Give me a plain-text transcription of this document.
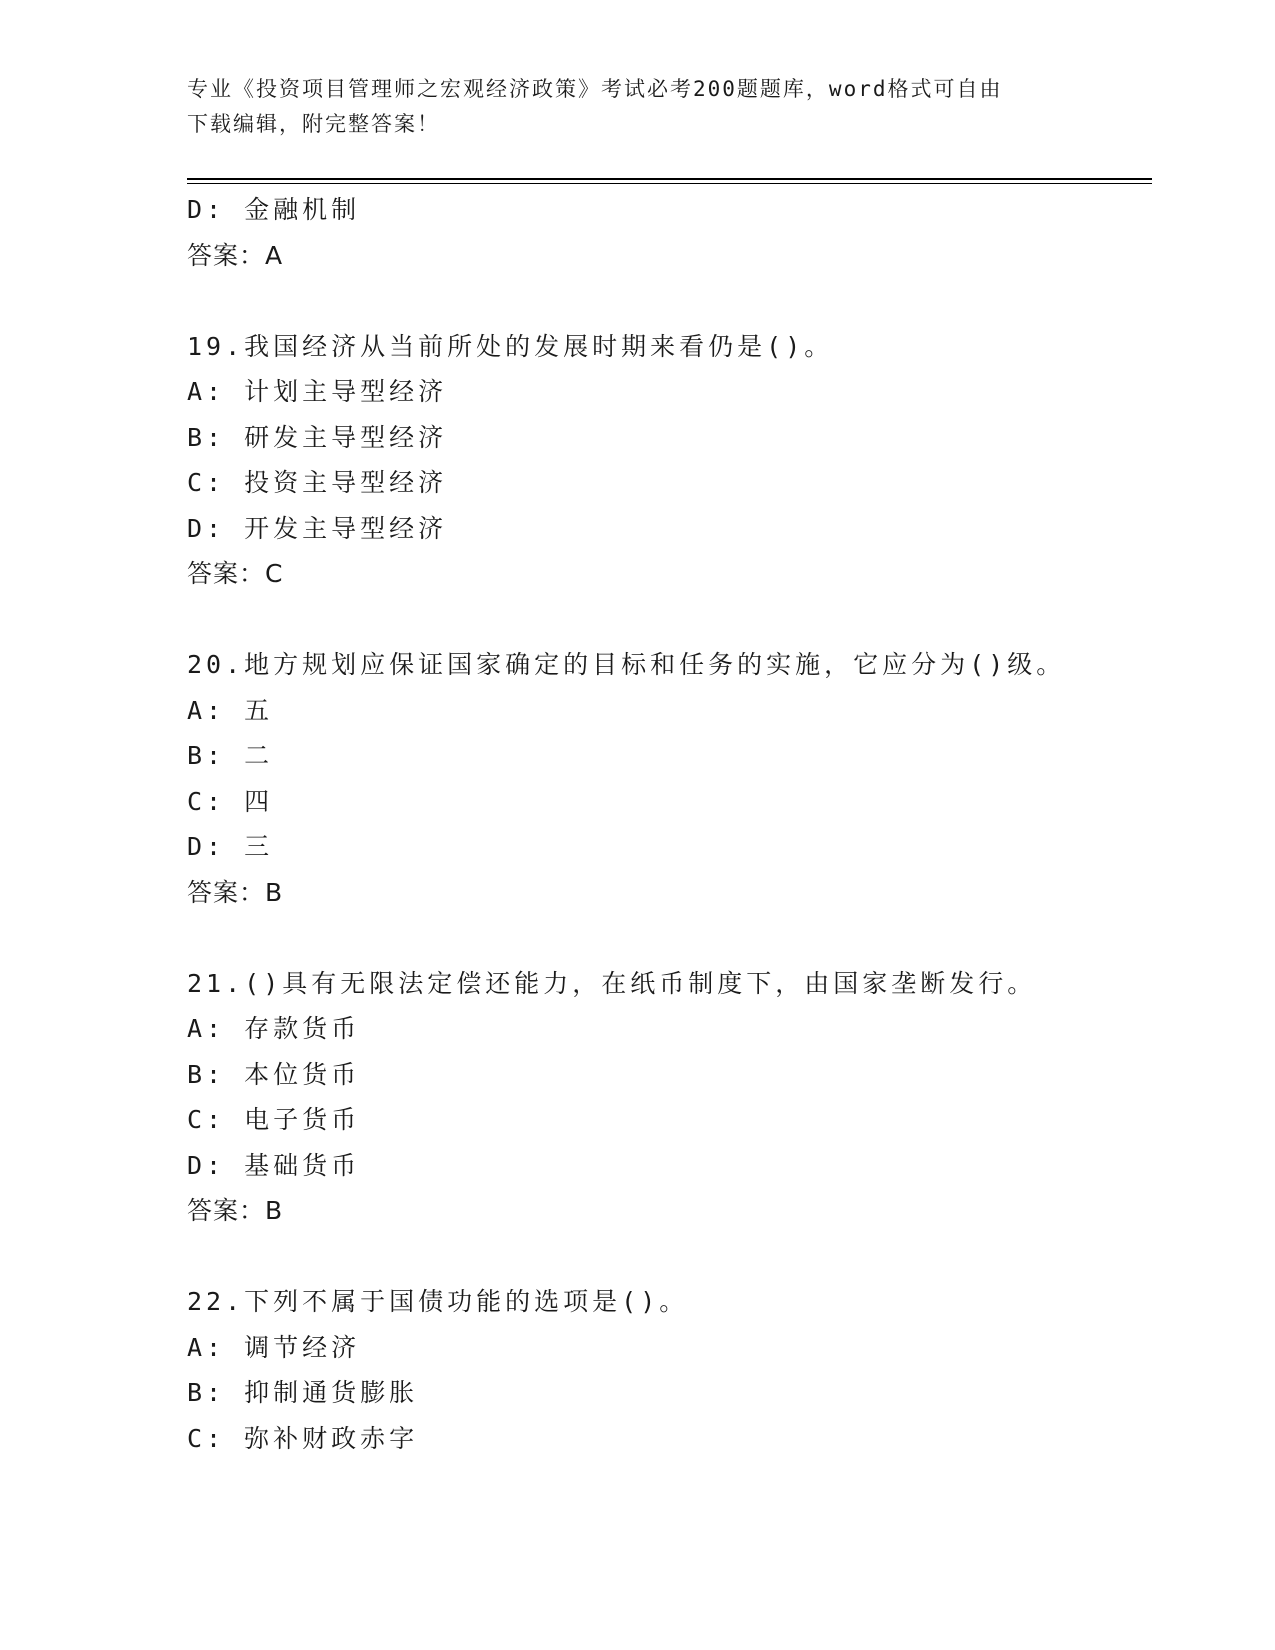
专业《投资项目管理师之宏观经济政策》考试必考200题题库，word格式可自由
下载编辑，附完整答案！
D: 金融机制
答案：A
19.我国经济从当前所处的发展时期来看仍是()。
A: 计划主导型经济
B: 研发主导型经济
C: 投资主导型经济
D: 开发主导型经济
答案：C
20.地方规划应保证国家确定的目标和任务的实施，它应分为()级。
A: 五
B: 二
C: 四
D: 三
答案：B
21.()具有无限法定偿还能力，在纸币制度下，由国家垄断发行。
A: 存款货币
B: 本位货币
C: 电子货币
D: 基础货币
答案：B
22.下列不属于国债功能的选项是()。
A: 调节经济
B: 抑制通货膨胀
C: 弥补财政赤字
